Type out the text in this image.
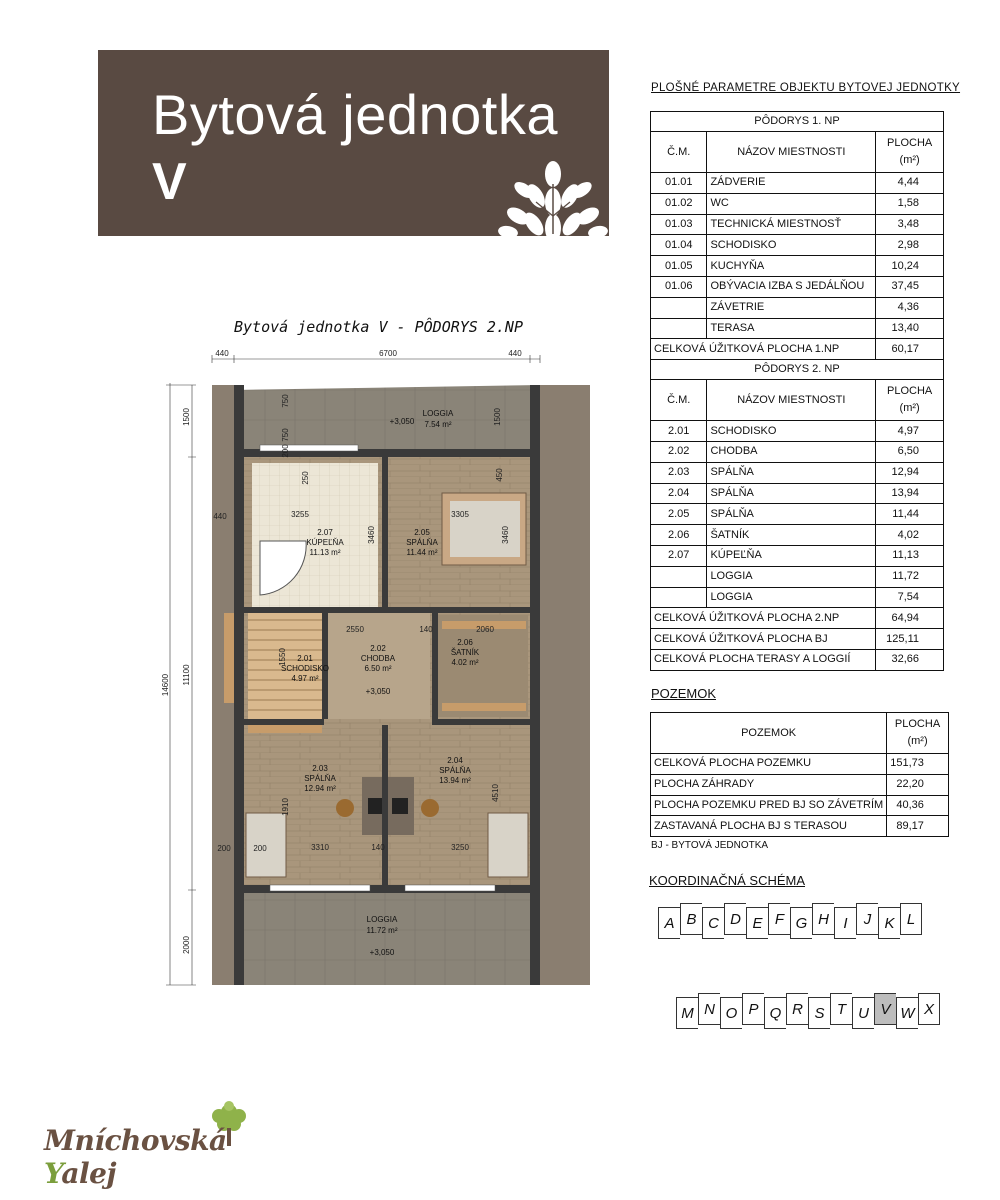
Bytová jednotka
V
Bytová jednotka V - PÔDORYS 2.NP
440	6700	440
14600 11100
1500
2000
750
750
200
3255	3305
3460	3460
250	450
440
2550	140	2060
1550
3310	140	3250
4510
1910
200	200
1500
2.07
KÚPEĽŇA
11.13 m²
2.05
SPÁLŇA
11.44 m²
2.01
SCHODISKO
4.97 m²
2.02
CHODBA
6.50 m²
+3,050
2.06
ŠATNÍK
4.02 m²
2.03
SPÁLŇA
12.94 m²
2.04
SPÁLŇA
13.94 m²
LOGGIA
7.54 m²
+3,050
LOGGIA
11.72 m²
+3,050
PLOŠNÉ PARAMETRE OBJEKTU BYTOVEJ JEDNOTKY
PÔDORYS 1. NP		
Č.M.	NÁZOV MIESTNOSTI	PLOCHA
(m²)

01.01	ZÁDVERIE	4,44
01.02	WC	1,58
01.03	TECHNICKÁ MIESTNOSŤ	3,48
01.04	SCHODISKO	2,98
01.05	KUCHYŇA	10,24
01.06	OBÝVACIA IZBA S JEDÁLŇOU	37,45
	ZÁVETRIE	4,36
	TERASA	13,40
CELKOVÁ ÚŽITKOVÁ PLOCHA 1.NP		60,17
PÔDORYS 2. NP		
Č.M.	NÁZOV MIESTNOSTI	PLOCHA
(m²)

2.01	SCHODISKO	4,97
2.02	CHODBA	6,50
2.03	SPÁLŇA	12,94
2.04	SPÁLŇA	13,94
2.05	SPÁLŇA	11,44
2.06	ŠATNÍK	4,02
2.07	KÚPEĽŇA	11,13
	LOGGIA	11,72
	LOGGIA	7,54
CELKOVÁ ÚŽITKOVÁ PLOCHA 2.NP		64,94
CELKOVÁ ÚŽITKOVÁ PLOCHA BJ		125,11
CELKOVÁ PLOCHA TERASY A LOGGIÍ		32,66
POZEMOK
POZEMOK	PLOCHA
(m²)

CELKOVÁ PLOCHA POZEMKU	151,73
PLOCHA ZÁHRADY	22,20
PLOCHA POZEMKU PRED BJ SO ZÁVETRÍM	40,36
ZASTAVANÁ PLOCHA BJ S TERASOU	89,17
BJ - BYTOVÁ JEDNOTKA
KOORDINAČNÁ SCHÉMA
A B C D E F G H I	J K L
M N O P Q R S T U V W X
Mníchovská Yalej
